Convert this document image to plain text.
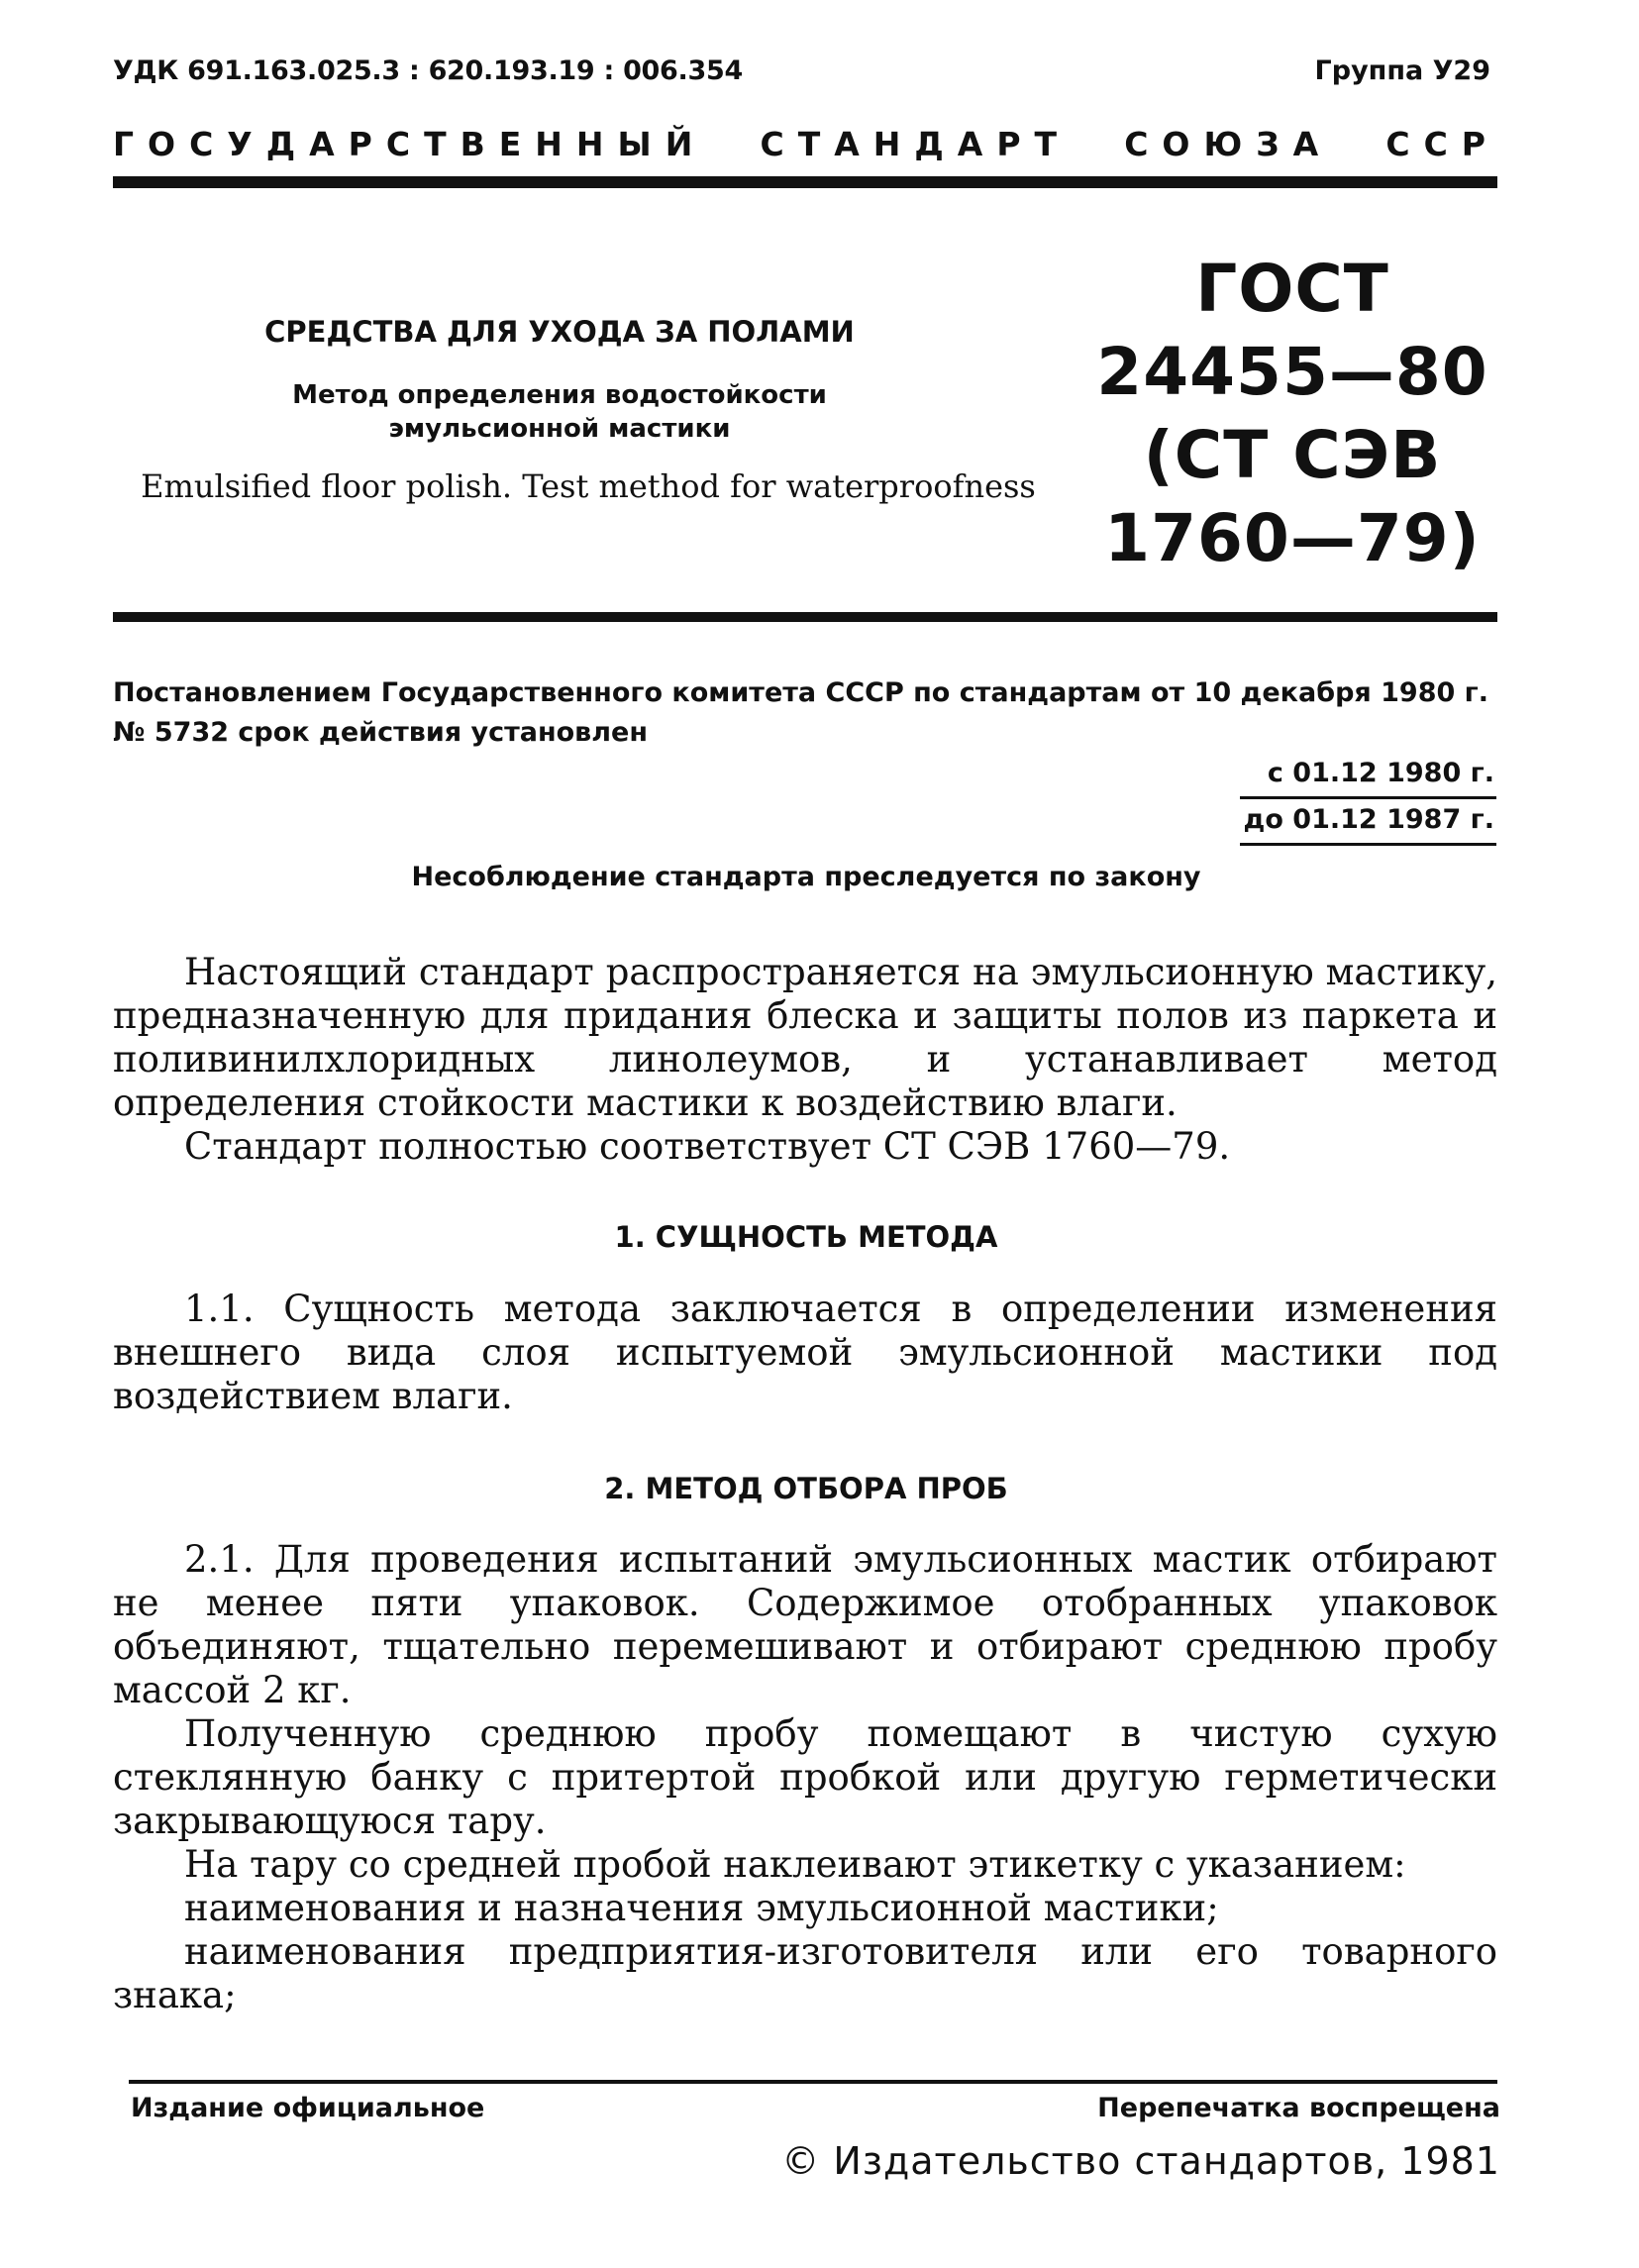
УДК 691.163.025.3 : 620.193.19 : 006.354	Группа У29
ГОСУДАРСТВЕННЫЙ СТАНДАРТ СОЮЗА ССР
СРЕДСТВА ДЛЯ УХОДА ЗА ПОЛАМИ
Метод определения водостойкости
эмульсионной мастики
Emulsified floor polish. Test method for waterproofness
ГОСТ
24455—80
(СТ СЭВ
1760—79)
Постановлением Государственного комитета СССР по стандартам от 10 декабря 1980 г. № 5732 срок действия установлен
с 01.12 1980 г.
до 01.12 1987 г.
Несоблюдение стандарта преследуется по закону

Настоящий стандарт распространяется на эмульсионную мастику, предназначенную для придания блеска и защиты полов из паркета и поливинилхлоридных линолеумов, и устанавливает метод определения стойкости мастики к воздействию влаги.

Стандарт полностью соответствует СТ СЭВ 1760—79.

1. СУЩНОСТЬ МЕТОДА

1.1. Сущность метода заключается в определении изменения внешнего вида слоя испытуемой эмульсионной мастики под воздействием влаги.

2. МЕТОД ОТБОРА ПРОБ

2.1. Для проведения испытаний эмульсионных мастик отбирают не менее пяти упаковок. Содержимое отобранных упаковок объединяют, тщательно перемешивают и отбирают среднюю пробу массой 2 кг.

Полученную среднюю пробу помещают в чистую сухую стеклянную банку с притертой пробкой или другую герметически закрывающуюся тару.

На тару со средней пробой наклеивают этикетку с указанием:

наименования и назначения эмульсионной мастики;

наименования предприятия-изготовителя или его товарного знака;

Издание официальное	Перепечатка воспрещена
© Издательство стандартов, 1981
